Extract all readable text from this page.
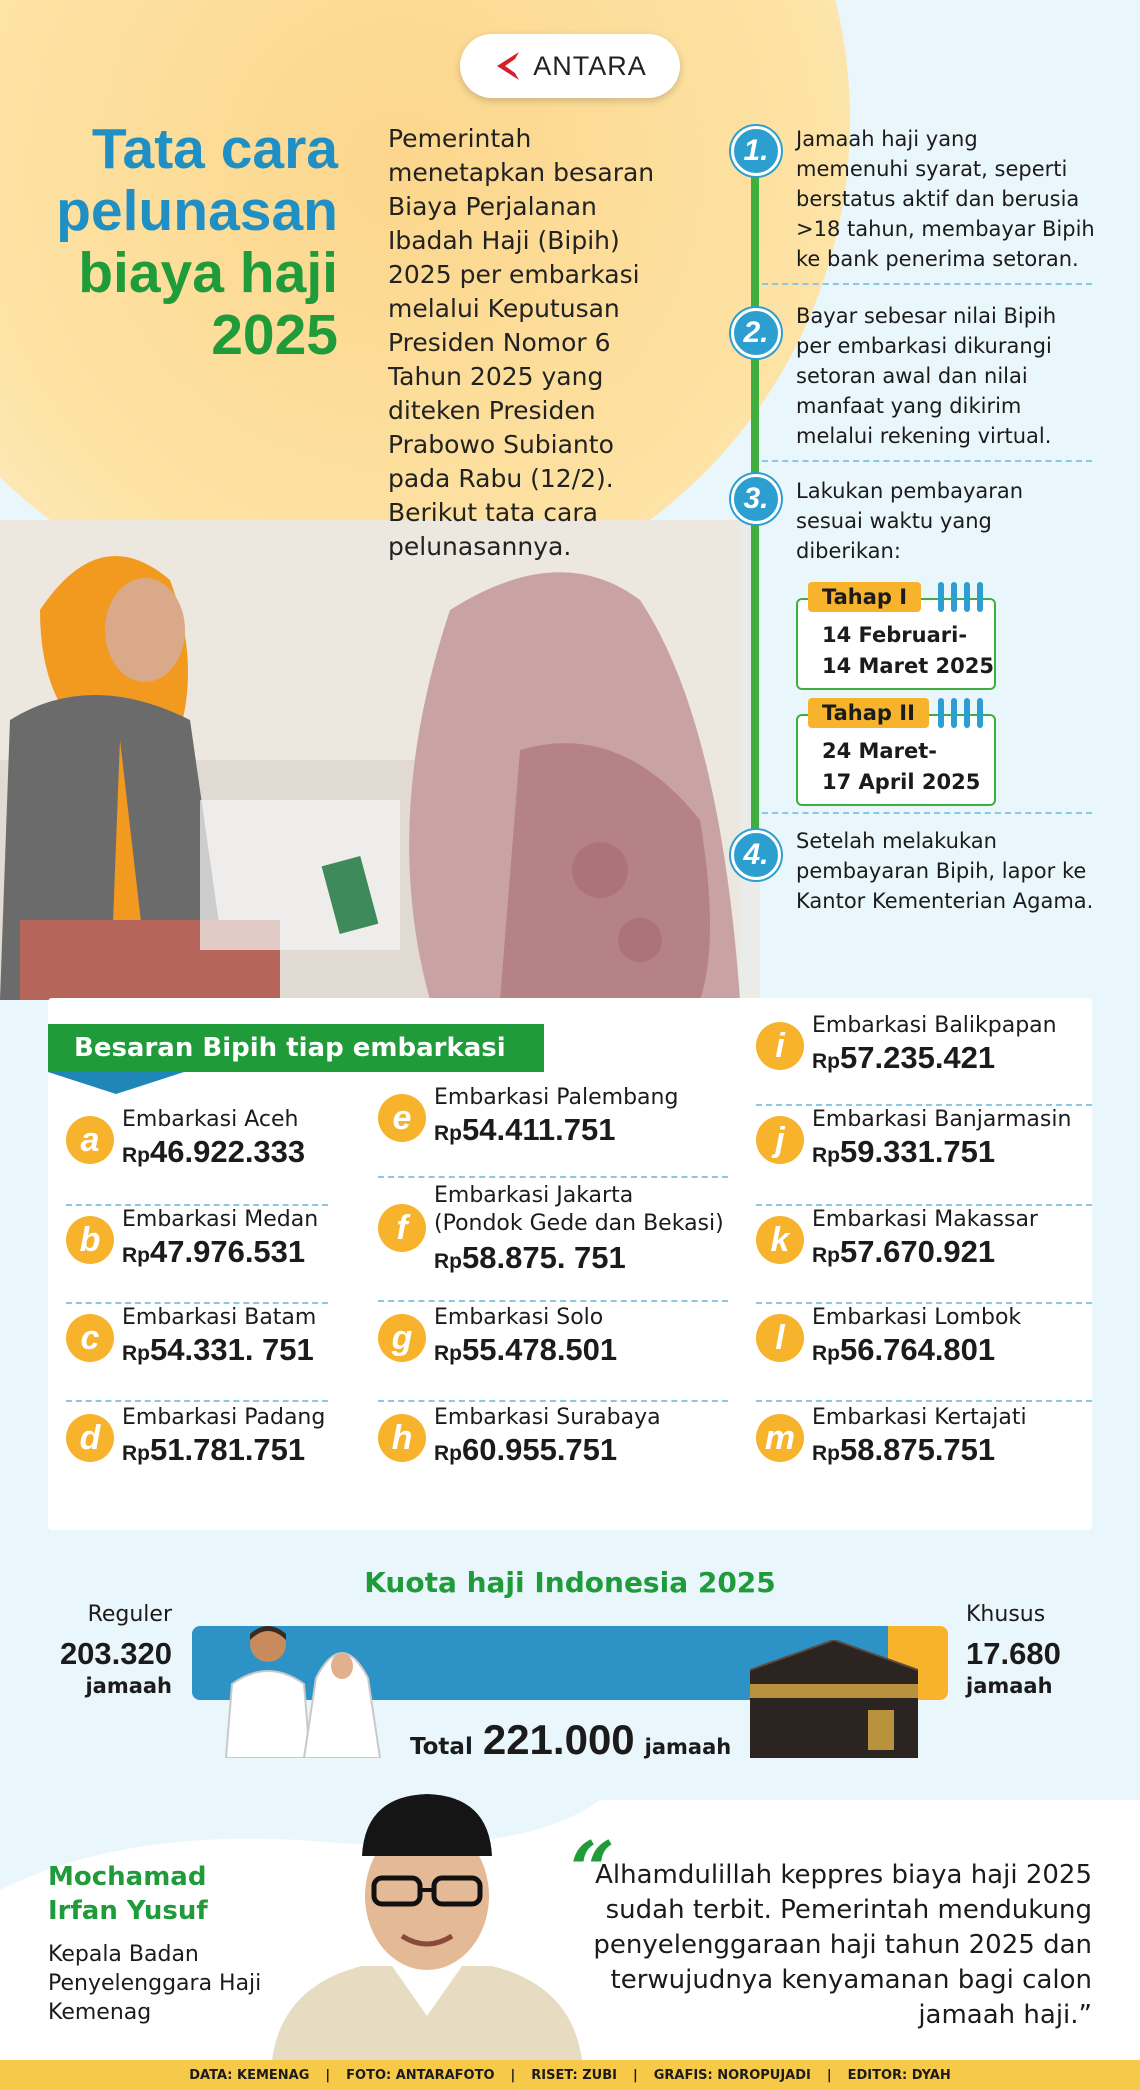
ANTARA
Tata cara
pelunasan
biaya haji
2025
Pemerintah menetapkan besaran Biaya Perjalanan Ibadah Haji (Bipih) 2025 per embarkasi melalui Keputusan Presiden Nomor 6 Tahun 2025 yang diteken Presiden Prabowo Subianto pada Rabu (12/2). Berikut tata cara pelunasannya.
1.	Jamaah haji yang memenuhi syarat, seperti berstatus aktif dan berusia >18 tahun, membayar Bipih ke bank penerima setoran.
2.	Bayar sebesar nilai Bipih per embarkasi dikurangi setoran awal dan nilai manfaat yang dikirim melalui rekening virtual.
3.	Lakukan pembayaran sesuai waktu yang diberikan:
Tahap I
14 Februari-
14 Maret 2025
Tahap II
24 Maret-
17 April 2025
4.	Setelah melakukan pembayaran Bipih, lapor ke Kantor Kementerian Agama.
Besaran Bipih tiap embarkasi
a
Embarkasi Aceh
Rp46.922.333
b
Embarkasi Medan
Rp47.976.531
c
Embarkasi Batam
Rp54.331. 751
d
Embarkasi Padang
Rp51.781.751
e
Embarkasi Palembang
Rp54.411.751
f
Embarkasi Jakarta
(Pondok Gede dan Bekasi)
Rp58.875. 751
g
Embarkasi Solo
Rp55.478.501
h
Embarkasi Surabaya
Rp60.955.751
i
Embarkasi Balikpapan
Rp57.235.421
j
Embarkasi Banjarmasin
Rp59.331.751
k
Embarkasi Makassar
Rp57.670.921
l
Embarkasi Lombok
Rp56.764.801
m
Embarkasi Kertajati
Rp58.875.751
Kuota haji Indonesia 2025
Reguler
203.320
jamaah
Total 221.000 jamaah
Khusus
17.680
jamaah
Mochamad
Irfan Yusuf
Kepala Badan
Penyelenggara Haji
Kemenag
“
Alhamdulillah keppres biaya haji 2025 sudah terbit. Pemerintah mendukung penyelenggaraan haji tahun 2025 dan terwujudnya kenyamanan bagi calon jamaah haji.”
DATA: KEMENAG | FOTO: ANTARAFOTO | RISET: ZUBI | GRAFIS: NOROPUJADI | EDITOR: DYAH
